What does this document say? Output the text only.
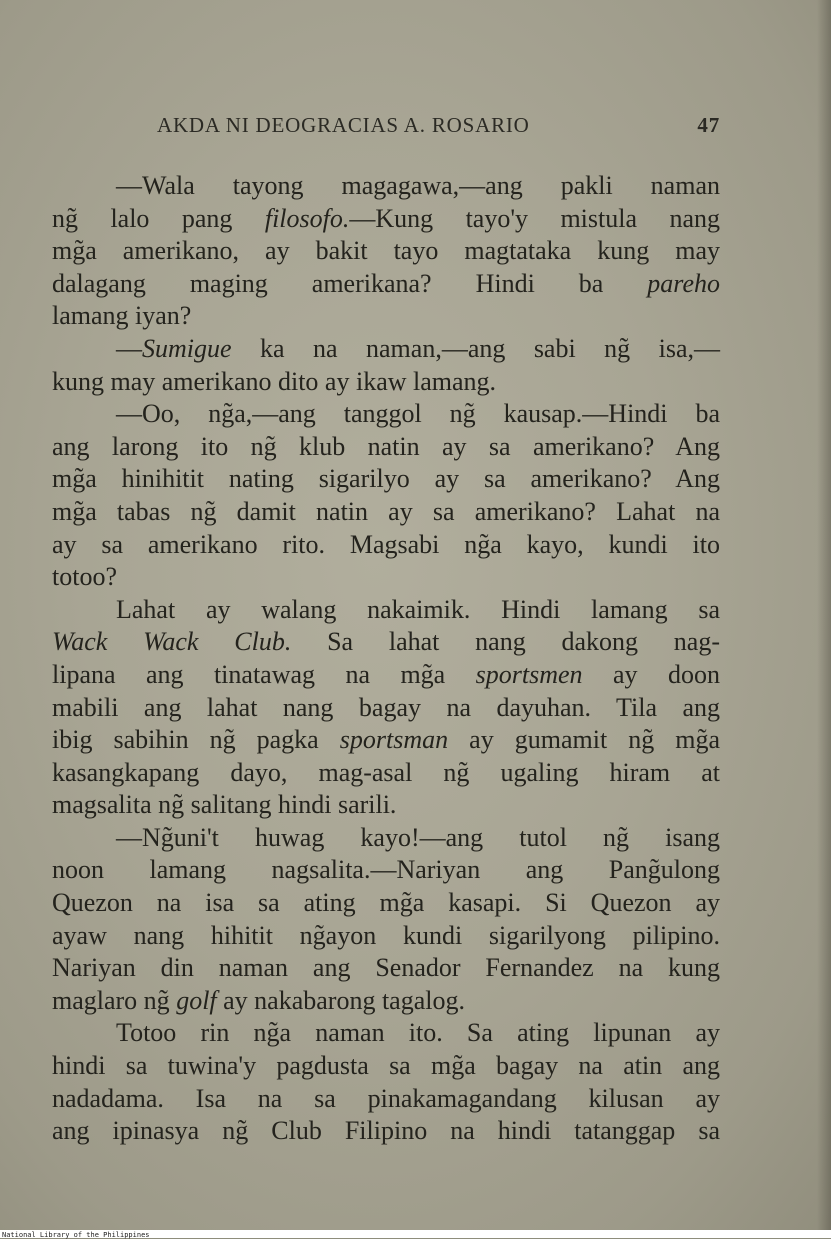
AKDA NI DEOGRACIAS A. ROSARIO	47
—Wala tayong magagawa,—ang pakli naman
ng̃ lalo pang filosofo.—Kung tayo'y mistula nang
mg̃a amerikano, ay bakit tayo magtataka kung may
dalagang maging amerikana? Hindi ba pareho
lamang iyan?
—Sumigue ka na naman,—ang sabi ng̃ isa,—
kung may amerikano dito ay ikaw lamang.
—Oo, ng̃a,—ang tanggol ng̃ kausap.—Hindi ba
ang larong ito ng̃ klub natin ay sa amerikano? Ang
mg̃a hinihitit nating sigarilyo ay sa amerikano? Ang
mg̃a tabas ng̃ damit natin ay sa amerikano? Lahat na
ay sa amerikano rito. Magsabi ng̃a kayo, kundi ito
totoo?
Lahat ay walang nakaimik. Hindi lamang sa
Wack Wack Club. Sa lahat nang dakong nag-
lipana ang tinatawag na mg̃a sportsmen ay doon
mabili ang lahat nang bagay na dayuhan. Tila ang
ibig sabihin ng̃ pagka sportsman ay gumamit ng̃ mg̃a
kasangkapang dayo, mag-asal ng̃ ugaling hiram at
magsalita ng̃ salitang hindi sarili.
—Ng̃uni't huwag kayo!—ang tutol ng̃ isang
noon lamang nagsalita.—Nariyan ang Pang̃ulong
Quezon na isa sa ating mg̃a kasapi. Si Quezon ay
ayaw nang hihitit ng̃ayon kundi sigarilyong pilipino.
Nariyan din naman ang Senador Fernandez na kung
maglaro ng̃ golf ay nakabarong tagalog.
Totoo rin ng̃a naman ito. Sa ating lipunan ay
hindi sa tuwina'y pagdusta sa mg̃a bagay na atin ang
nadadama. Isa na sa pinakamagandang kilusan ay
ang ipinasya ng̃ Club Filipino na hindi tatanggap sa
National Library of the Philippines
